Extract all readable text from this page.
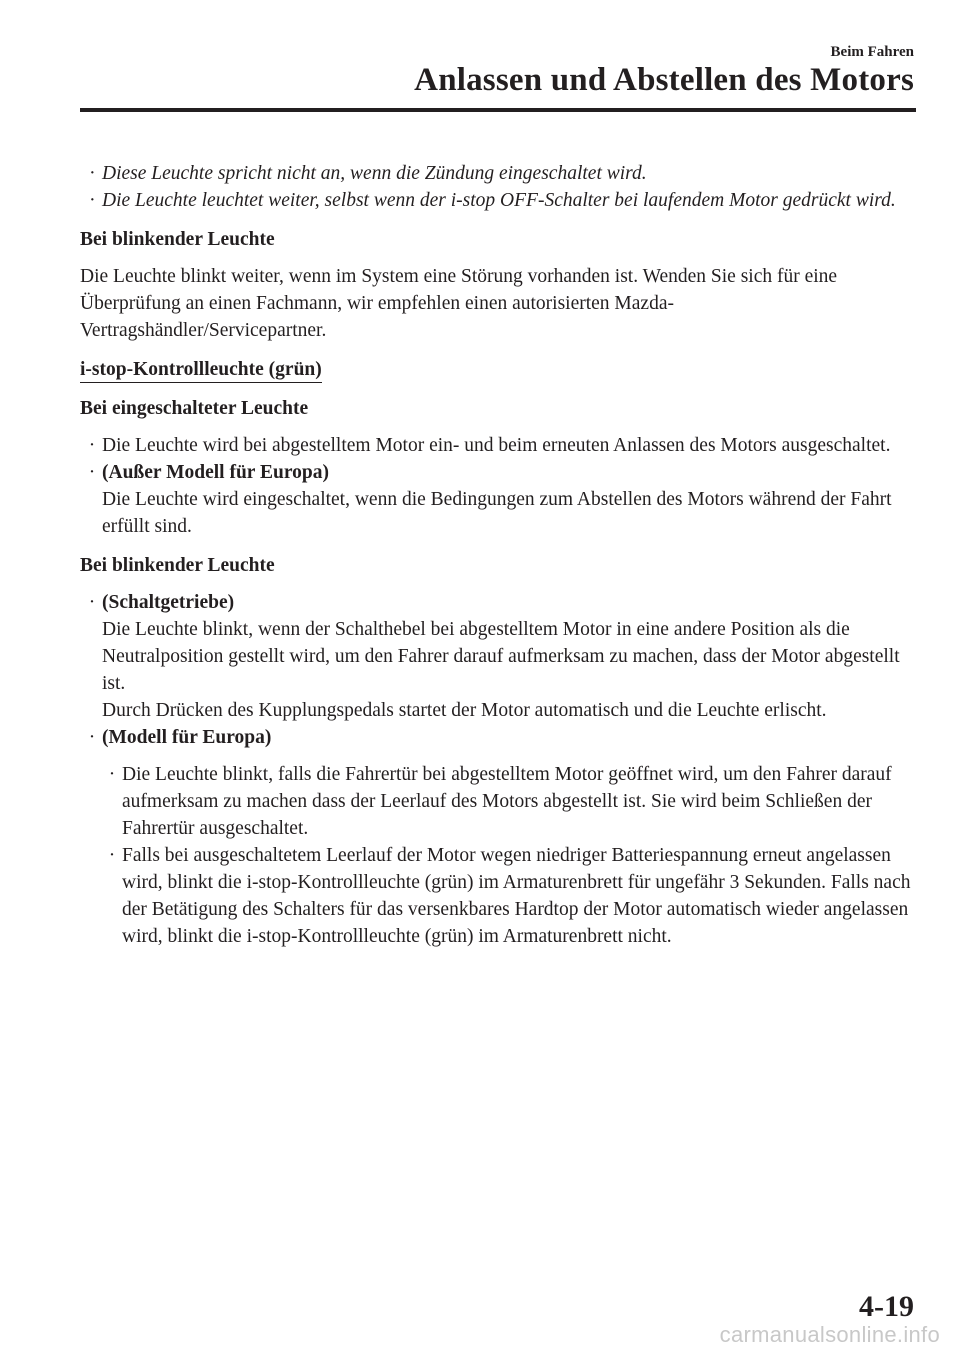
Beim Fahren
Anlassen und Abstellen des Motors
· Diese Leuchte spricht nicht an, wenn die Zündung eingeschaltet wird.
· Die Leuchte leuchtet weiter, selbst wenn der i-stop OFF-Schalter bei laufendem Motor gedrückt wird.

Bei blinkender Leuchte

Die Leuchte blinkt weiter, wenn im System eine Störung vorhanden ist. Wenden Sie sich für eine Überprüfung an einen Fachmann, wir empfehlen einen autorisierten Mazda-Vertragshändler/Servicepartner.

i-stop-Kontrollleuchte (grün)

Bei eingeschalteter Leuchte

· Die Leuchte wird bei abgestelltem Motor ein- und beim erneuten Anlassen des Motors ausgeschaltet.
· (Außer Modell für Europa)
Die Leuchte wird eingeschaltet, wenn die Bedingungen zum Abstellen des Motors während der Fahrt erfüllt sind.

Bei blinkender Leuchte

· (Schaltgetriebe)
Die Leuchte blinkt, wenn der Schalthebel bei abgestelltem Motor in eine andere Position als die Neutralposition gestellt wird, um den Fahrer darauf aufmerksam zu machen, dass der Motor abgestellt ist.
Durch Drücken des Kupplungspedals startet der Motor automatisch und die Leuchte erlischt.
· (Modell für Europa)
· Die Leuchte blinkt, falls die Fahrertür bei abgestelltem Motor geöffnet wird, um den Fahrer darauf aufmerksam zu machen dass der Leerlauf des Motors abgestellt ist. Sie wird beim Schließen der Fahrertür ausgeschaltet.
· Falls bei ausgeschaltetem Leerlauf der Motor wegen niedriger Batteriespannung erneut angelassen wird, blinkt die i-stop-Kontrollleuchte (grün) im Armaturenbrett für ungefähr 3 Sekunden. Falls nach der Betätigung des Schalters für das versenkbares Hardtop der Motor automatisch wieder angelassen wird, blinkt die i-stop-Kontrollleuchte (grün) im Armaturenbrett nicht.
4-19
carmanualsonline.info
